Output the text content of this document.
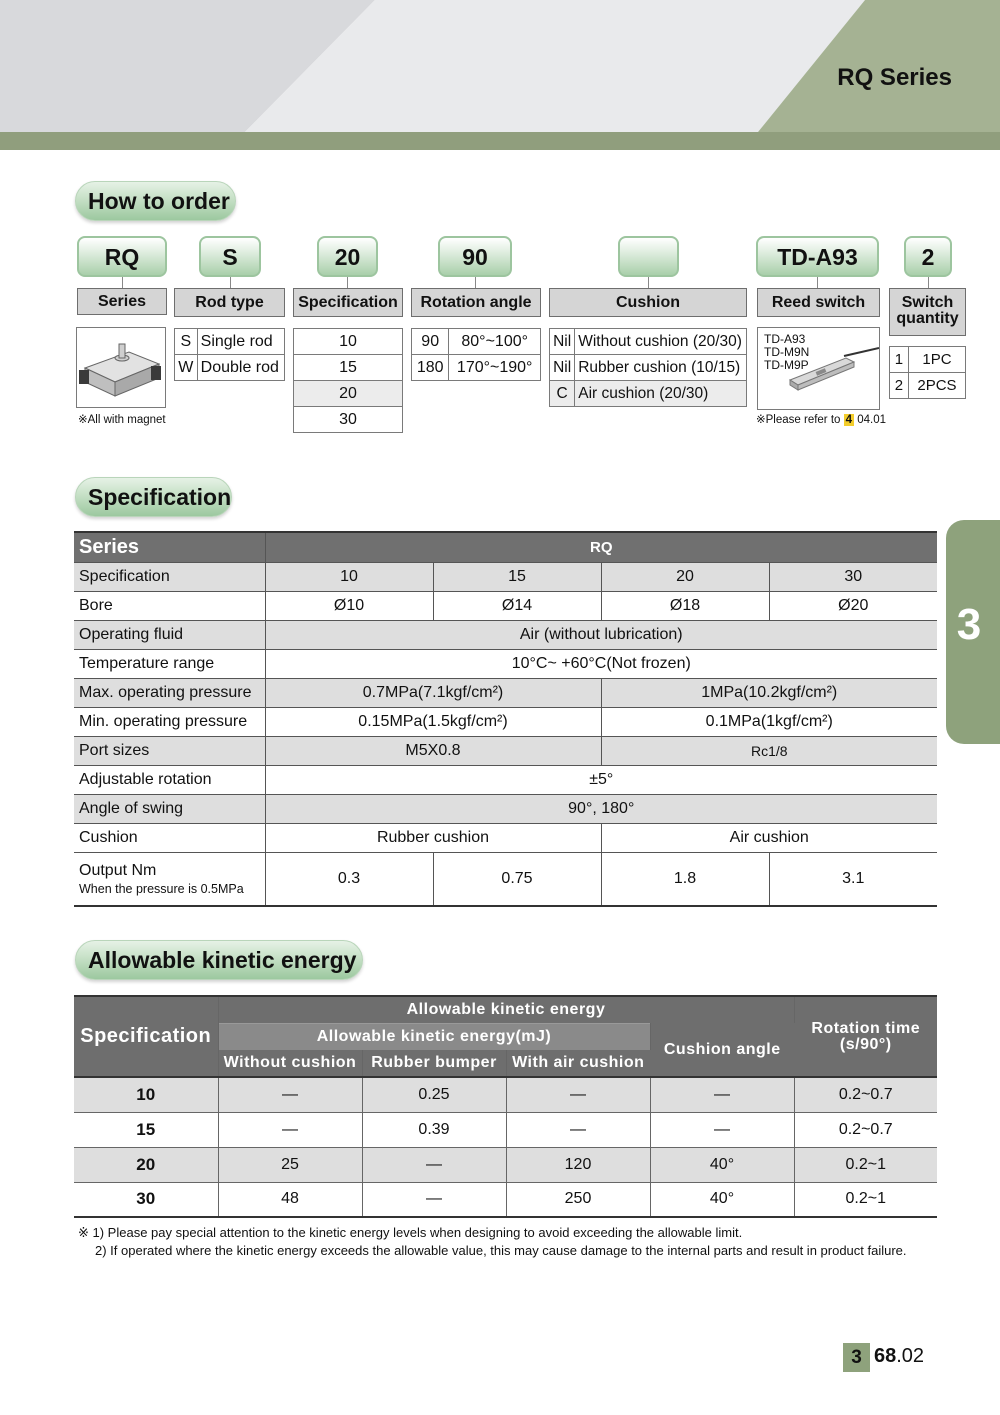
RQ Series
How to order
RQ	S	20	90	TD-A93	2
Series	Rod type	Specification	Rotation angle	Cushion	Reed switch	Switch
quantity
※All with magnet
S	Single rod
W	Double rod
10
15
20
30
90	80°~100°
180	170°~190°
Nil	Without cushion (20/30)
Nil	Rubber cushion (10/15)
C	Air cushion (20/30)
TD-A93
TD-M9N
TD-M9P
※Please refer to 4 04.01
1	1PC
2	2PCS
Specification
Series	RQ			
Specification	10	15	20	30
Bore	Ø10	Ø14	Ø18	Ø20
Operating fluid	Air (without lubrication)			
Temperature range	10°C~ +60°C(Not frozen)			
Max. operating pressure	0.7MPa(7.1kgf/cm²)		1MPa(10.2kgf/cm²)	
Min. operating pressure	0.15MPa(1.5kgf/cm²)		0.1MPa(1kgf/cm²)	
Port sizes	M5X0.8		Rc1/8	
Adjustable rotation	±5°			
Angle of swing	90°, 180°			
Cushion	Rubber cushion		Air cushion	
Output Nm
When the pressure is 0.5MPa	0.3	0.75	1.8	3.1
3
Allowable kinetic energy
Specification	Allowable kinetic energy				Rotation time
(s/90°)
	Allowable kinetic energy(mJ)			Cushion angle	
	Without cushion	Rubber bumper	With air cushion		
10	—	0.25	—	—	0.2~0.7
15	—	0.39	—	—	0.2~0.7
20	25	—	120	40°	0.2~1
30	48	—	250	40°	0.2~1
※ 1) Please pay special attention to the kinetic energy levels when designing to avoid exceeding the allowable limit.
2) If operated where the kinetic energy exceeds the allowable value, this may cause damage to the internal parts and result in product failure.
3 68.02
